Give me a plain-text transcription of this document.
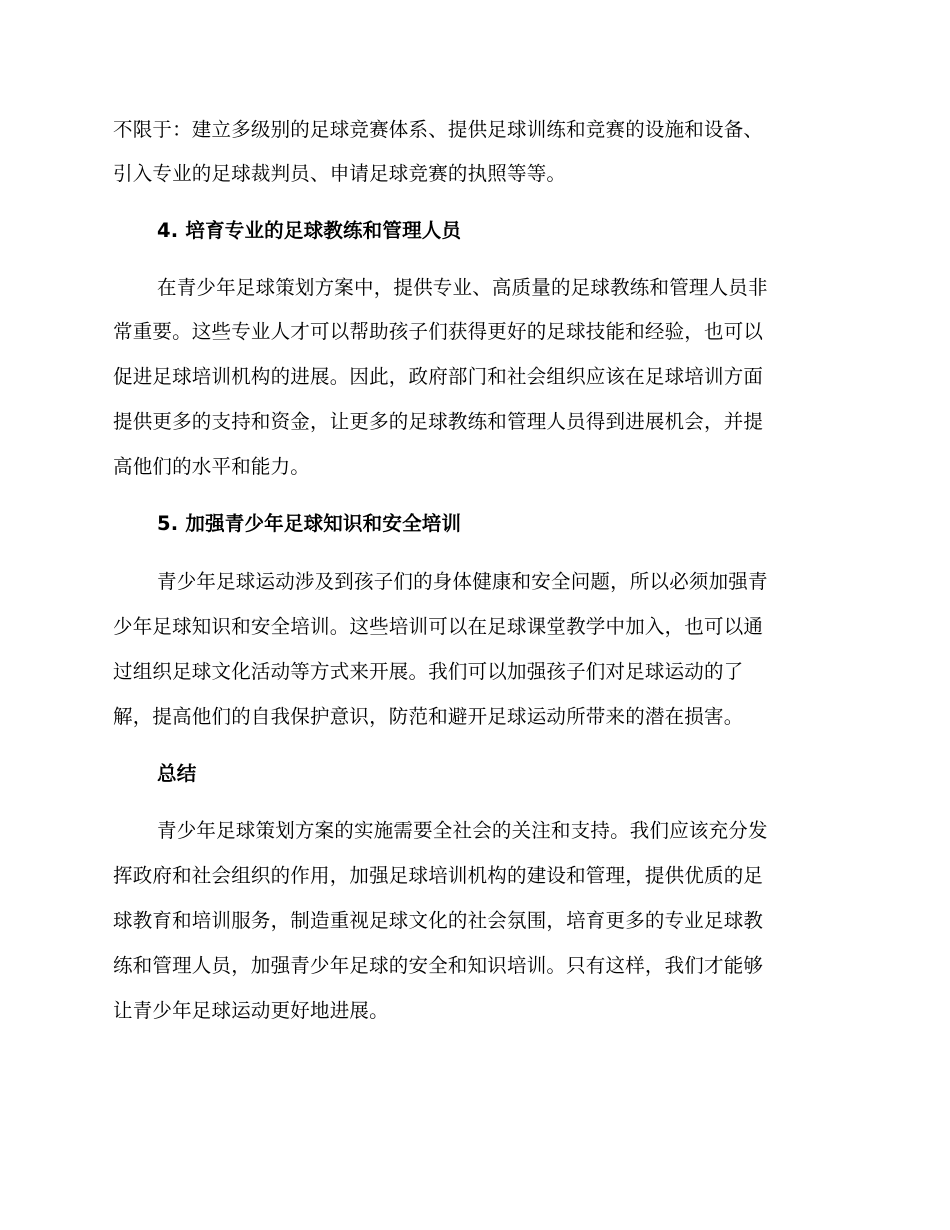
不限于：建立多级别的足球竞赛体系、提供足球训练和竞赛的设施和设备、
引入专业的足球裁判员、申请足球竞赛的执照等等。
4. 培育专业的足球教练和管理人员
在青少年足球策划方案中，提供专业、高质量的足球教练和管理人员非
常重要。这些专业人才可以帮助孩子们获得更好的足球技能和经验，也可以
促进足球培训机构的进展。因此，政府部门和社会组织应该在足球培训方面
提供更多的支持和资金，让更多的足球教练和管理人员得到进展机会，并提
高他们的水平和能力。
5. 加强青少年足球知识和安全培训
青少年足球运动涉及到孩子们的身体健康和安全问题，所以必须加强青
少年足球知识和安全培训。这些培训可以在足球课堂教学中加入，也可以通
过组织足球文化活动等方式来开展。我们可以加强孩子们对足球运动的了
解，提高他们的自我保护意识，防范和避开足球运动所带来的潜在损害。
总结
青少年足球策划方案的实施需要全社会的关注和支持。我们应该充分发
挥政府和社会组织的作用，加强足球培训机构的建设和管理，提供优质的足
球教育和培训服务，制造重视足球文化的社会氛围，培育更多的专业足球教
练和管理人员，加强青少年足球的安全和知识培训。只有这样，我们才能够
让青少年足球运动更好地进展。
